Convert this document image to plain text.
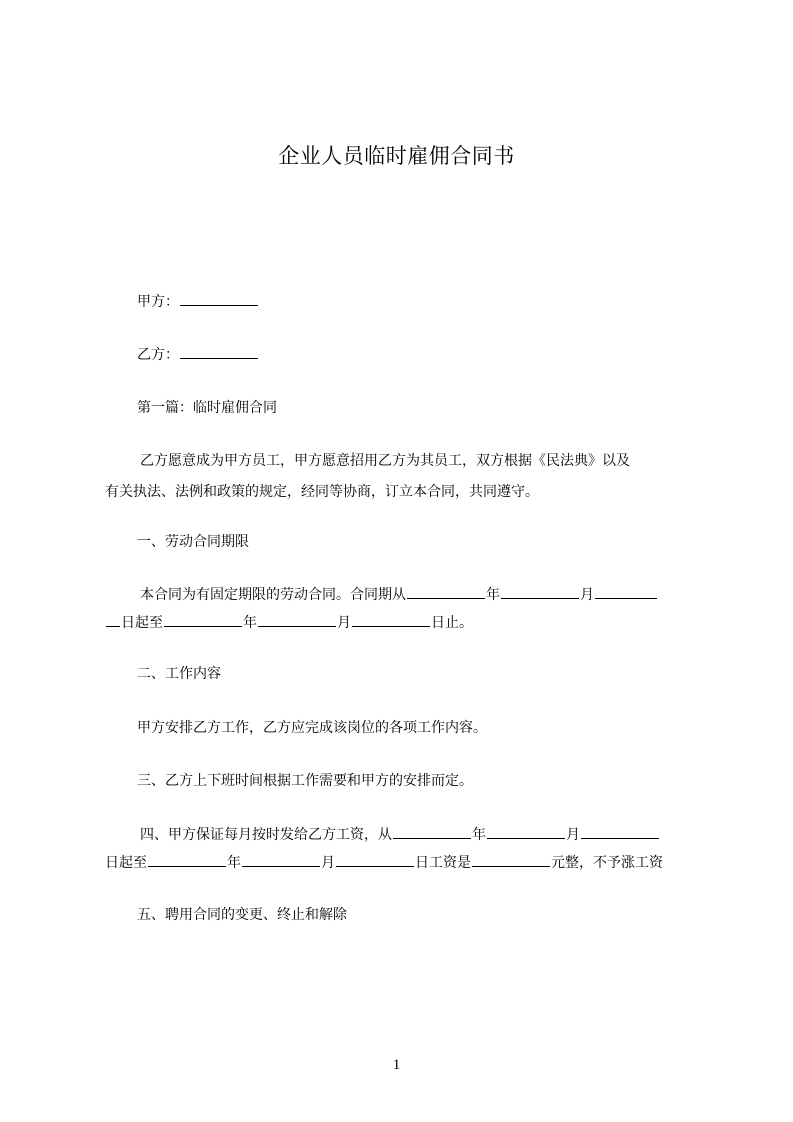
企业人员临时雇佣合同书
甲方：
乙方：
第一篇：临时雇佣合同
乙方愿意成为甲方员工，甲方愿意招用乙方为其员工，双方根据《民法典》以及
有关执法、法例和政策的规定，经同等协商，订立本合同，共同遵守。
一、劳动合同期限
本合同为有固定期限的劳动合同。合同期从	年	月
日起至	年	月	日止。
二、工作内容
甲方安排乙方工作，乙方应完成该岗位的各项工作内容。
三、乙方上下班时间根据工作需要和甲方的安排而定。
四、甲方保证每月按时发给乙方工资，从	年	月
日起至	年	月	日工资是	元整，不予涨工资
五、聘用合同的变更、终止和解除
1
